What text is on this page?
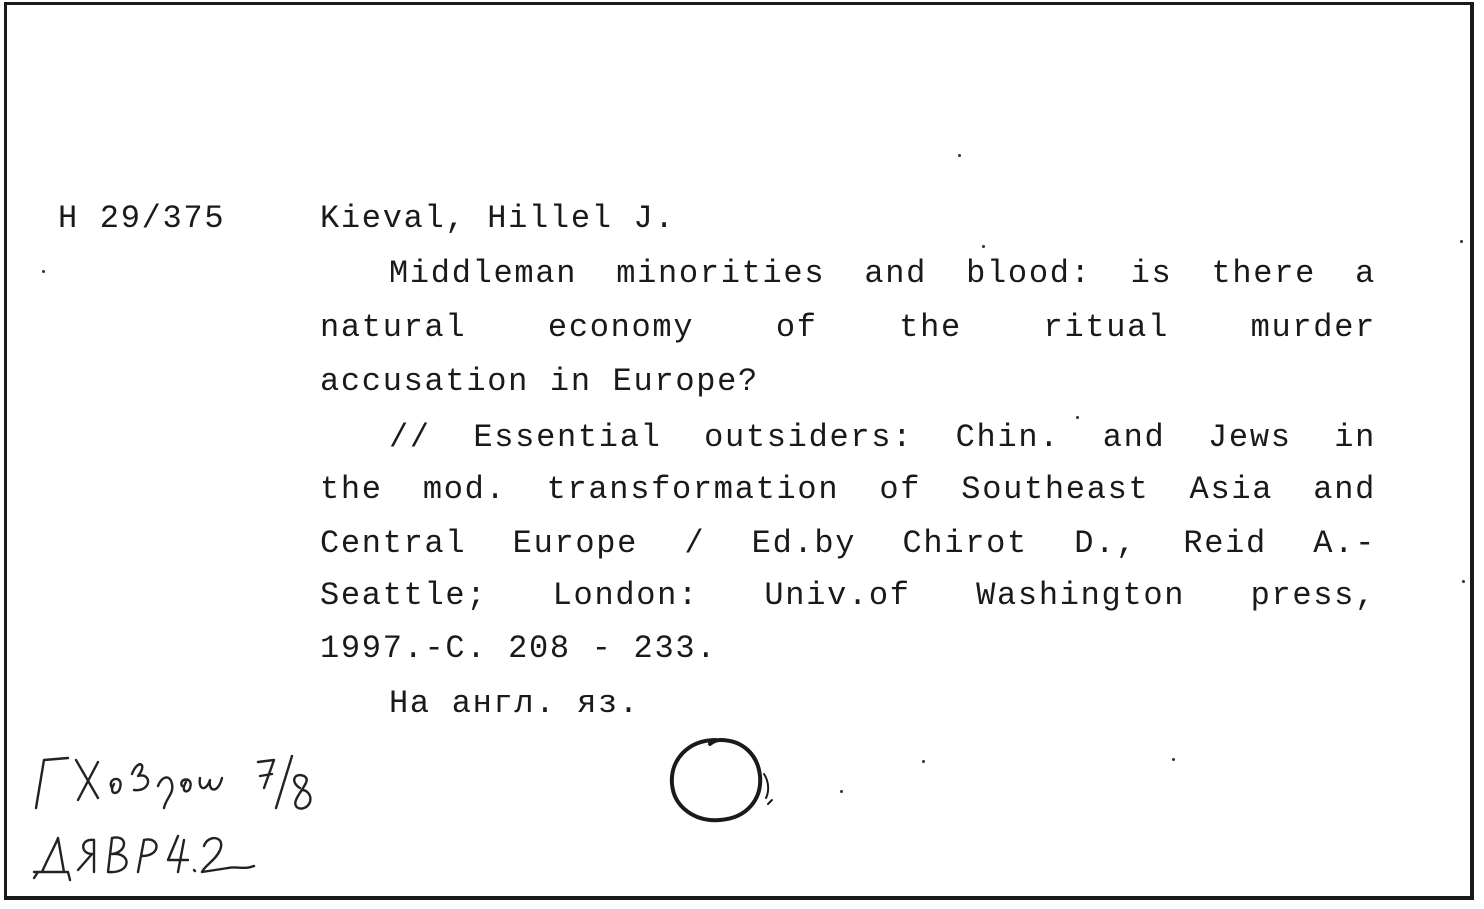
H 29/375	Kieval, Hillel J.
Middleman minorities and blood: is there a
natural economy of the ritual murder
accusation in Europe?
// Essential outsiders: Chin. and Jews in
the mod. transformation of Southeast Asia and
Central Europe / Ed.by Chirot D., Reid A.-
Seattle; London: Univ.of Washington press,
1997.-C. 208 - 233.
На англ. яз.
